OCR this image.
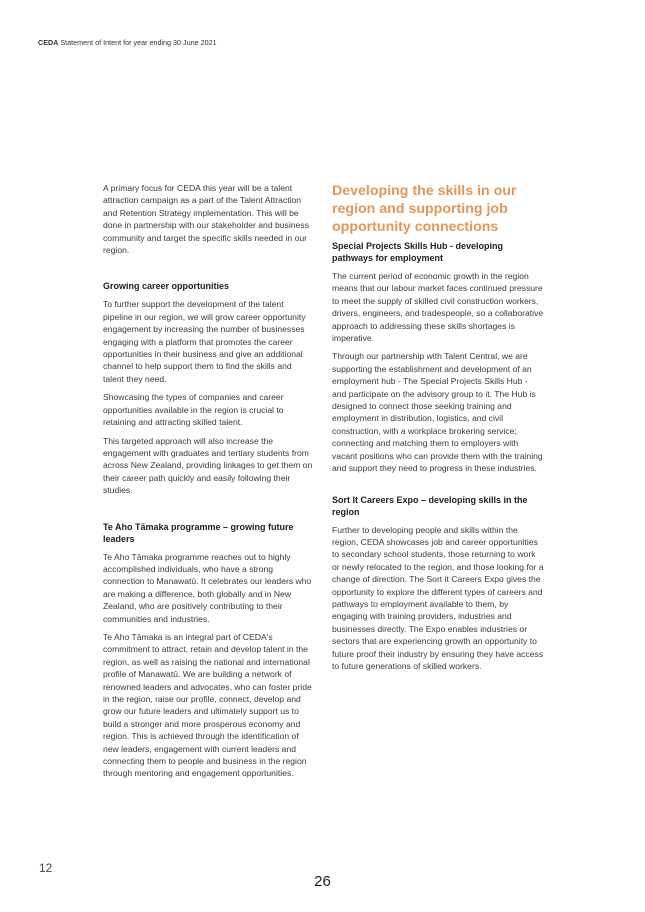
CEDA Statement of Intent for year ending 30 June 2021

A primary focus for CEDA this year will be a talent attraction campaign as a part of the Talent Attraction and Retention Strategy implementation. This will be done in partnership with our stakeholder and business community and target the specific skills needed in our region.

Growing career opportunities

To further support the development of the talent pipeline in our region, we will grow career opportunity engagement by increasing the number of businesses engaging with a platform that promotes the career opportunities in their business and give an additional channel to help support them to find the skills and talent they need.

Showcasing the types of companies and career opportunities available in the region is crucial to retaining and attracting skilled talent.

This targeted approach will also increase the engagement with graduates and tertiary students from across New Zealand, providing linkages to get them on their career path quickly and easily following their studies.

Te Aho Tāmaka programme – growing future leaders

Te Aho Tāmaka programme reaches out to highly accomplished individuals, who have a strong connection to Manawatū. It celebrates our leaders who are making a difference, both globally and in New Zealand, who are positively contributing to their communities and industries.

Te Aho Tāmaka is an integral part of CEDA's commitment to attract, retain and develop talent in the region, as well as raising the national and international profile of Manawatū. We are building a network of renowned leaders and advocates, who can foster pride in the region, raise our profile, connect, develop and grow our future leaders and ultimately support us to build a stronger and more prosperous economy and region. This is achieved through the identification of new leaders, engagement with current leaders and connecting them to people and business in the region through mentoring and engagement opportunities.

Developing the skills in our region and supporting job opportunity connections
Special Projects Skills Hub - developing pathways for employment

The current period of economic growth in the region means that our labour market faces continued pressure to meet the supply of skilled civil construction workers, drivers, engineers, and tradespeople, so a collaborative approach to addressing these skills shortages is imperative.

Through our partnership with Talent Central, we are supporting the establishment and development of an employment hub - The Special Projects Skills Hub - and participate on the advisory group to it. The Hub is designed to connect those seeking training and employment in distribution, logistics, and civil construction, with a workplace brokering service; connecting and matching them to employers with vacant positions who can provide them with the training and support they need to progress in these industries.

Sort It Careers Expo – developing skills in the region

Further to developing people and skills within the region, CEDA showcases job and career opportunities to secondary school students, those returning to work or newly relocated to the region, and those looking for a change of direction. The Sort it Careers Expo gives the opportunity to explore the different types of careers and pathways to employment available to them, by engaging with training providers, industries and businesses directly. The Expo enables industries or sectors that are experiencing growth an opportunity to future proof their industry by ensuring they have access to future generations of skilled workers.

12
26
